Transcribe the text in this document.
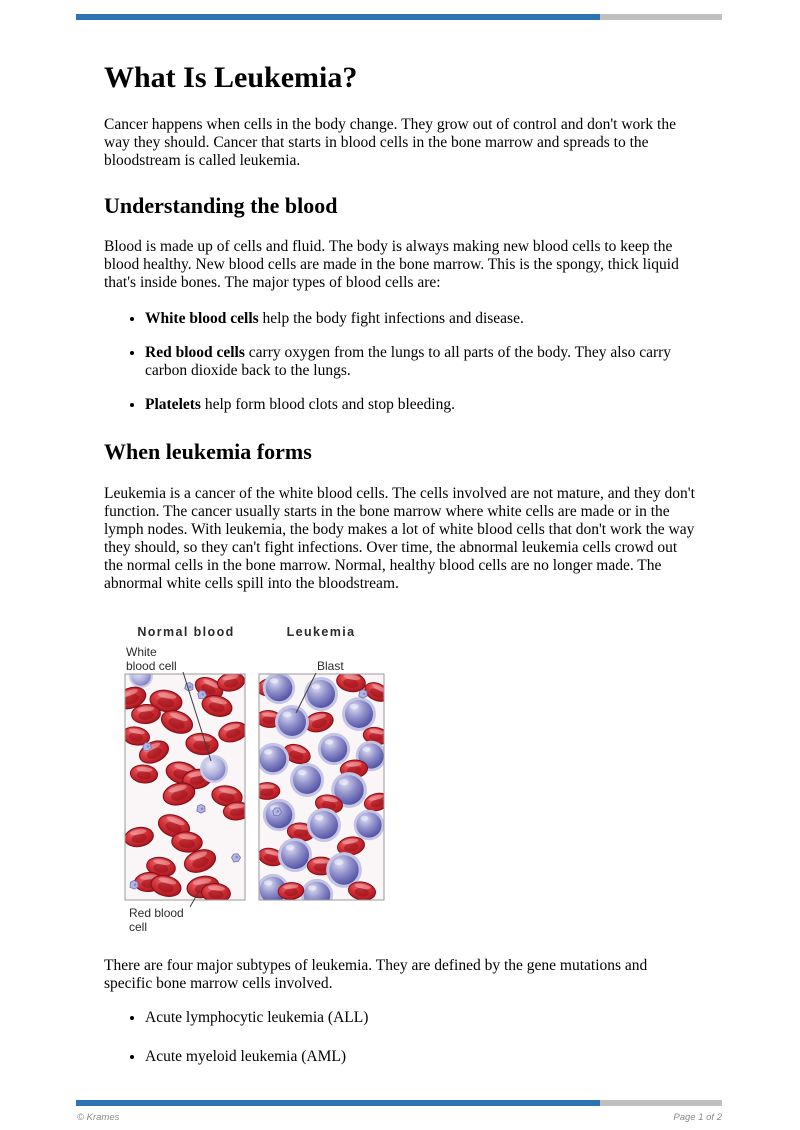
What Is Leukemia?

Cancer happens when cells in the body change. They grow out of control and don't work the way they should. Cancer that starts in blood cells in the bone marrow and spreads to the bloodstream is called leukemia.

Understanding the blood

Blood is made up of cells and fluid. The body is always making new blood cells to keep the blood healthy. New blood cells are made in the bone marrow. This is the spongy, thick liquid that's inside bones. The major types of blood cells are:

• White blood cells help the body fight infections and disease.
• Red blood cells carry oxygen from the lungs to all parts of the body. They also carry carbon dioxide back to the lungs.
• Platelets help form blood clots and stop bleeding.
When leukemia forms

Leukemia is a cancer of the white blood cells. The cells involved are not mature, and they don't function. The cancer usually starts in the bone marrow where white cells are made or in the lymph nodes. With leukemia, the body makes a lot of white blood cells that don't work the way they should, so they can't fight infections. Over time, the abnormal leukemia cells crowd out the normal cells in the bone marrow. Normal, healthy blood cells are no longer made. The abnormal white cells spill into the bloodstream.

Normal blood	Leukemia
White
blood cell	Blast
Red blood
cell

There are four major subtypes of leukemia. They are defined by the gene mutations and specific bone marrow cells involved.

• Acute lymphocytic leukemia (ALL)
• Acute myeloid leukemia (AML)
© Krames	Page 1 of 2
